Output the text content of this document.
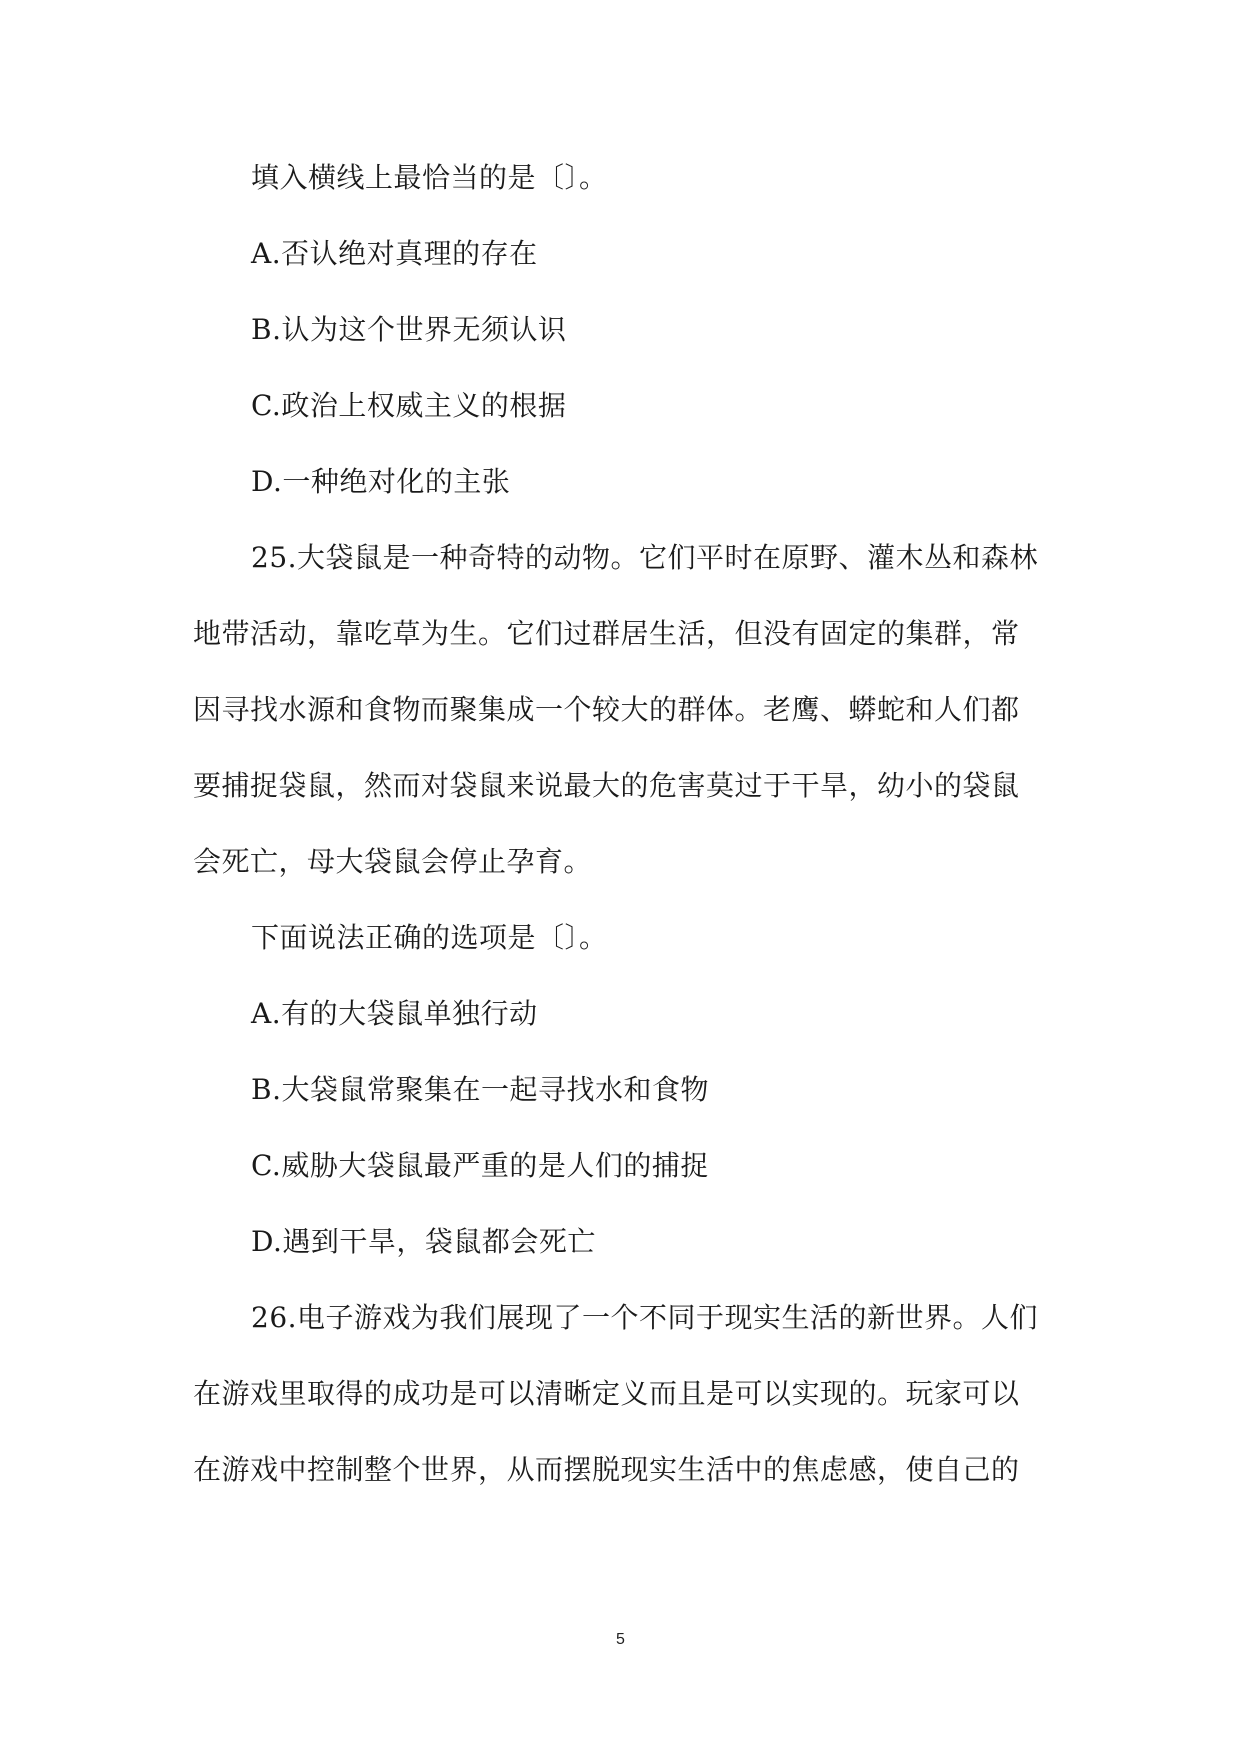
填入横线上最恰当的是〔〕。
A.否认绝对真理的存在
B.认为这个世界无须认识
C.政治上权威主义的根据
D.一种绝对化的主张
25.大袋鼠是一种奇特的动物。它们平时在原野、灌木丛和森林
地带活动，靠吃草为生。它们过群居生活，但没有固定的集群，常
因寻找水源和食物而聚集成一个较大的群体。老鹰、蟒蛇和人们都
要捕捉袋鼠，然而对袋鼠来说最大的危害莫过于干旱，幼小的袋鼠
会死亡，母大袋鼠会停止孕育。
下面说法正确的选项是〔〕。
A.有的大袋鼠单独行动
B.大袋鼠常聚集在一起寻找水和食物
C.威胁大袋鼠最严重的是人们的捕捉
D.遇到干旱，袋鼠都会死亡
26.电子游戏为我们展现了一个不同于现实生活的新世界。人们
在游戏里取得的成功是可以清晰定义而且是可以实现的。玩家可以
在游戏中控制整个世界，从而摆脱现实生活中的焦虑感，使自己的
5
